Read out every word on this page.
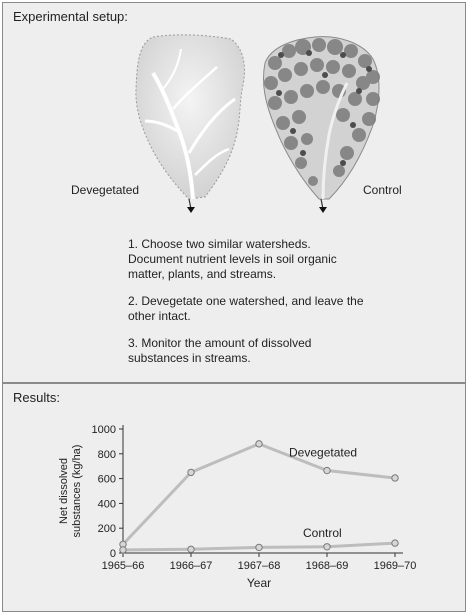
Experimental setup:
Devegetated	Control

1. Choose two similar watersheds. Document nutrient levels in soil organic matter, plants, and streams.

2. Devegetate one watershed, and leave the other intact.

3. Monitor the amount of dissolved substances in streams.

Results:
0
200
400
600
800
1000
1965–66 1966–67 1967–68 1968–69 1969–70
Year
Net dissolvedsubstances (kg/ha)	Devegetated
Control
